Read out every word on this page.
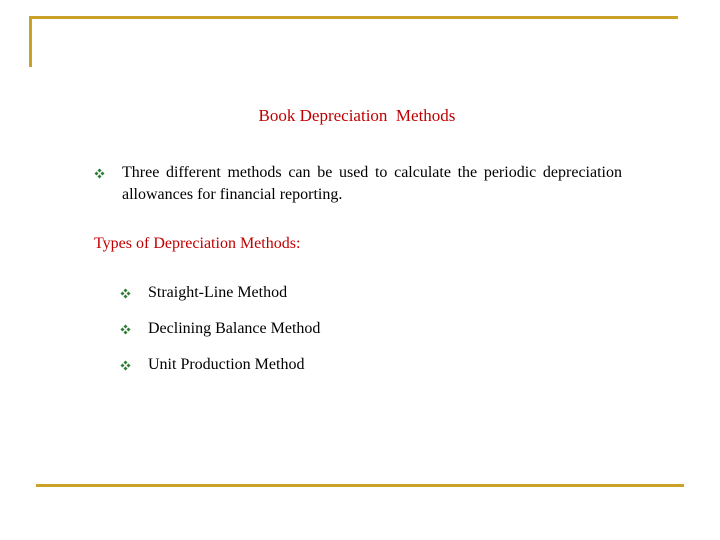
Book Depreciation  Methods
Three different methods can be used to calculate the periodic depreciation allowances for financial reporting.
Types of Depreciation Methods:
Straight-Line Method
Declining Balance Method
Unit Production Method
